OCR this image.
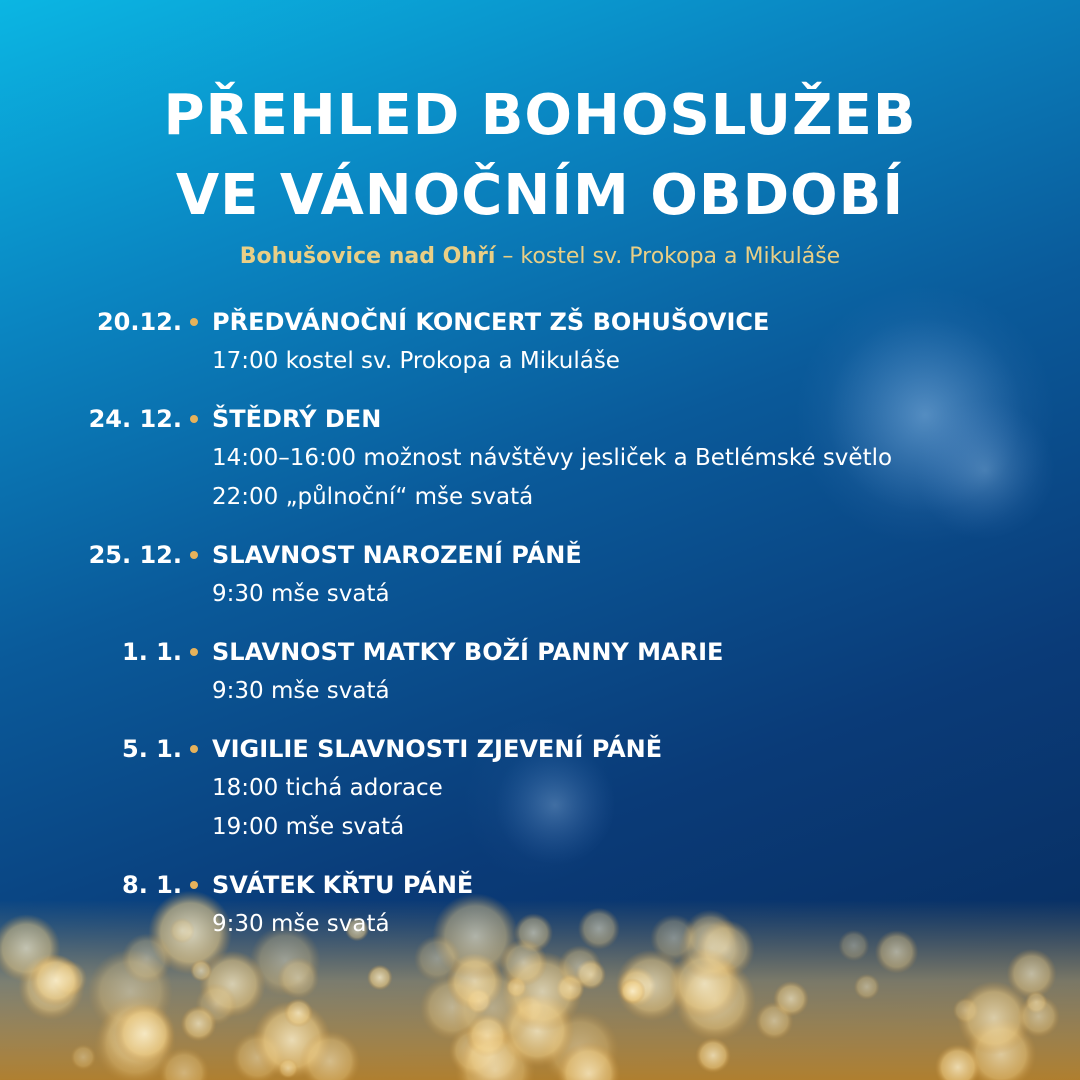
PŘEHLED BOHOSLUŽEB
VE VÁNOČNÍM OBDOBÍ
Bohušovice nad Ohří – kostel sv. Prokopa a Mikuláše
20.12. PŘEDVÁNOČNÍ KONCERT ZŠ BOHUŠOVICE
17:00 kostel sv. Prokopa a Mikuláše
24. 12. ŠTĚDRÝ DEN
14:00–16:00 možnost návštěvy jesliček a Betlémské světlo
22:00 „půlnoční“ mše svatá
25. 12. SLAVNOST NAROZENÍ PÁNĚ
9:30 mše svatá
1. 1. SLAVNOST MATKY BOŽÍ PANNY MARIE
9:30 mše svatá
5. 1. VIGILIE SLAVNOSTI ZJEVENÍ PÁNĚ
18:00 tichá adorace
19:00 mše svatá
8. 1. SVÁTEK KŘTU PÁNĚ
9:30 mše svatá
